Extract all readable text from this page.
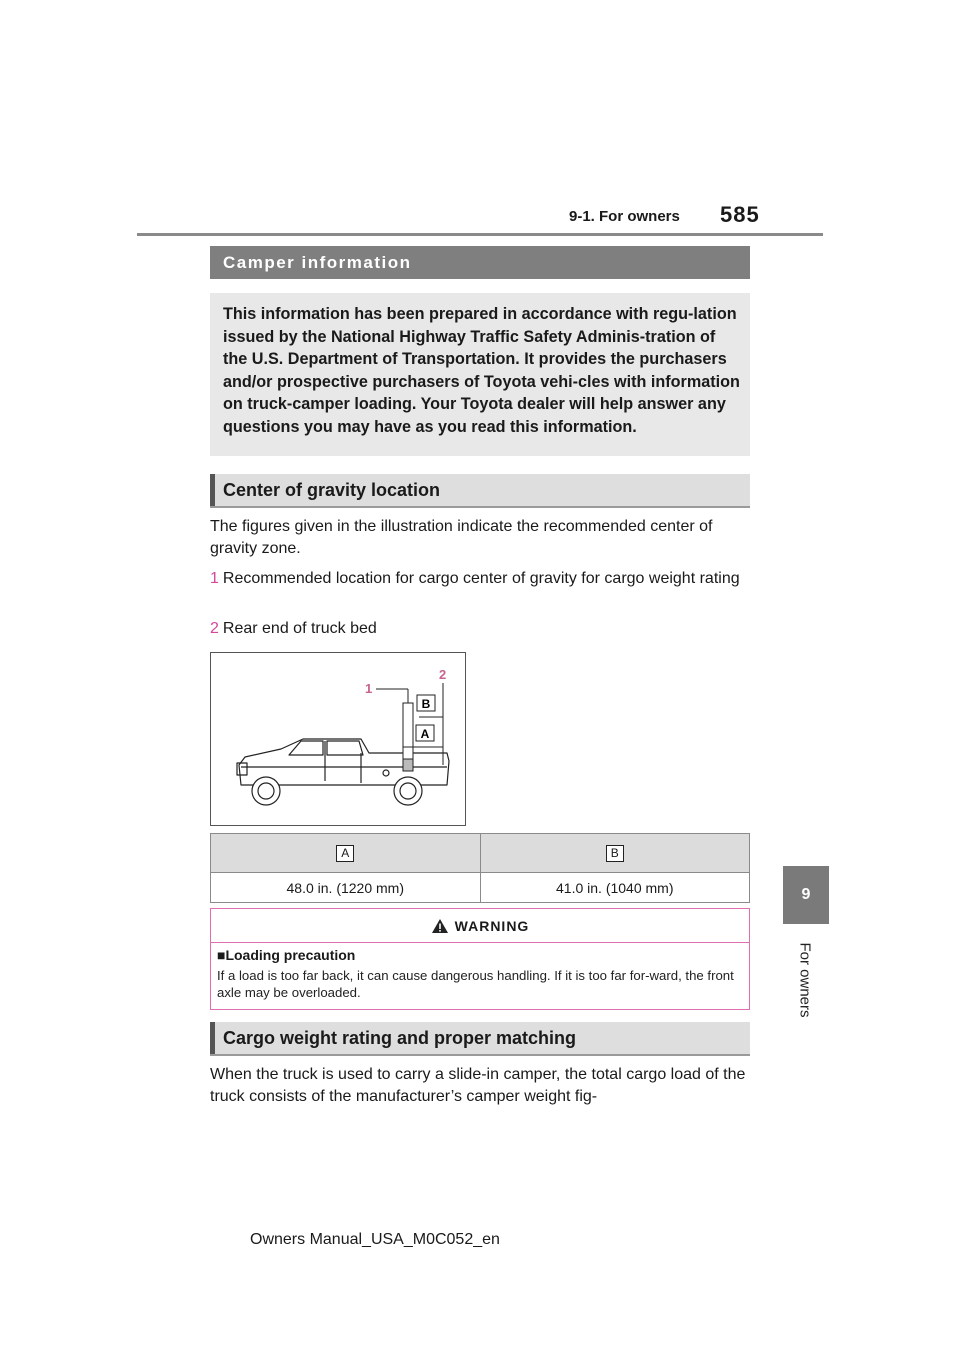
9-1. For owners 585
9
For owners
Camper information
This information has been prepared in accordance with regu-lation issued by the National Highway Traffic Safety Adminis-tration of the U.S. Department of Transportation. It provides the purchasers and/or prospective purchasers of Toyota vehi-cles with information on truck-camper loading. Your Toyota dealer will help answer any questions you may have as you read this information.
Center of gravity location
The figures given in the illustration indicate the recommended center of gravity zone.
1 Recommended location for cargo center of gravity for cargo weight rating
2 Rear end of truck bed
B
A
1
2
A	B
48.0 in. (1220 mm)	41.0 in. (1040 mm)
WARNING
■Loading precaution
If a load is too far back, it can cause dangerous handling. If it is too far for-ward, the front axle may be overloaded.
Cargo weight rating and proper matching
When the truck is used to carry a slide-in camper, the total cargo load of the truck consists of the manufacturer’s camper weight fig-
Owners Manual_USA_M0C052_en
